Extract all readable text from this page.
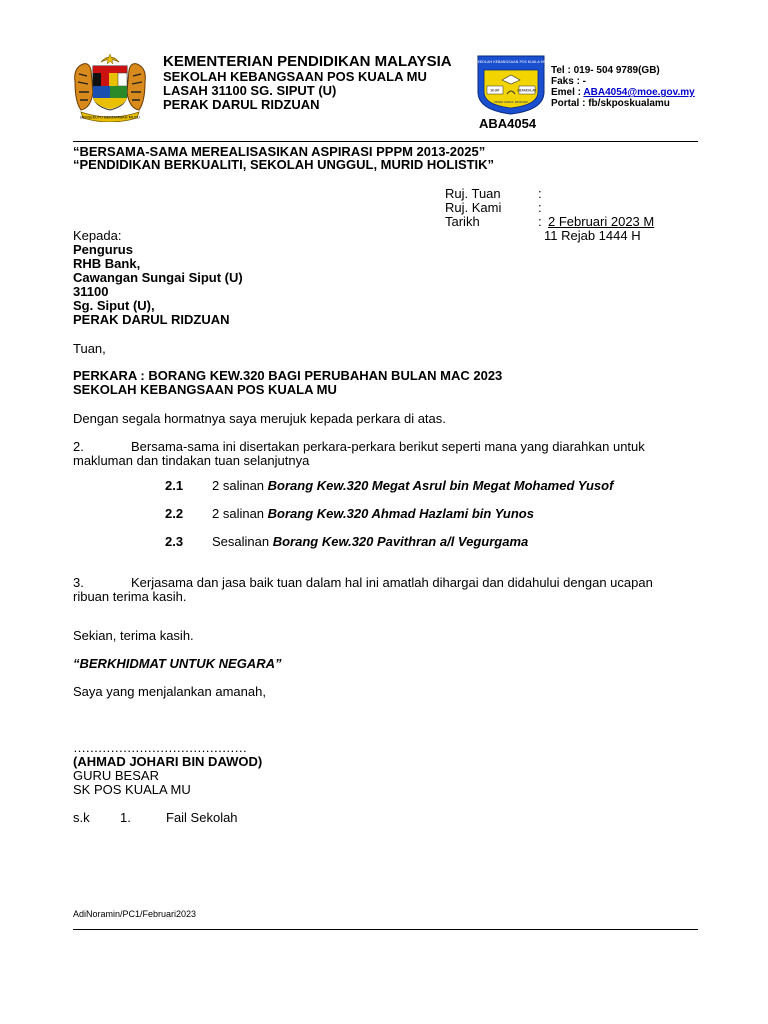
BERSEKUTU BERTAMBAH MUTU
KEMENTERIAN PENDIDIKAN MALAYSIA
SEKOLAH KEBANGSAAN POS KUALA MU
LASAH 31100 SG. SIPUT (U)
PERAK DARUL RIDZUAN
SEKOLAH KEBANGSAAN POS KUALA MU
SIHAT	BERAKHLAK
PERAK DARUL RIDZUAN
ABA4054
Tel : 019- 504 9789(GB)
Faks : -
Emel : ABA4054@moe.gov.my
Portal : fb/skposkualamu
“BERSAMA-SAMA MEREALISASIKAN ASPIRASI PPPM 2013-2025”
“PENDIDIKAN BERKUALITI, SEKOLAH UNGGUL, MURID HOLISTIK”
Ruj. Tuan	:
Ruj. Kami	:
Tarikh	: 2 Februari 2023 M
11 Rejab 1444 H
Kepada:
Pengurus
RHB Bank,
Cawangan Sungai Siput (U)
31100
Sg. Siput (U),
PERAK DARUL RIDZUAN
Tuan,
PERKARA : BORANG KEW.320 BAGI PERUBAHAN BULAN MAC 2023
SEKOLAH KEBANGSAAN POS KUALA MU
Dengan segala hormatnya saya merujuk kepada perkara di atas.
2.	Bersama-sama ini disertakan perkara-perkara berikut seperti mana yang diarahkan untuk
makluman dan tindakan tuan selanjutnya
2.1 2 salinan Borang Kew.320 Megat Asrul bin Megat Mohamed Yusof
2.2 2 salinan Borang Kew.320 Ahmad Hazlami bin Yunos
2.3 Sesalinan Borang Kew.320 Pavithran a/l Vegurgama
3.	Kerjasama dan jasa baik tuan dalam hal ini amatlah dihargai dan didahului dengan ucapan
ribuan terima kasih.
Sekian, terima kasih.
“BERKHIDMAT UNTUK NEGARA”
Saya yang menjalankan amanah,
……………………………………
(AHMAD JOHARI BIN DAWOD)
GURU BESAR
SK POS KUALA MU
s.k 1.	Fail Sekolah
AdiNoramin/PC1/Februari2023
